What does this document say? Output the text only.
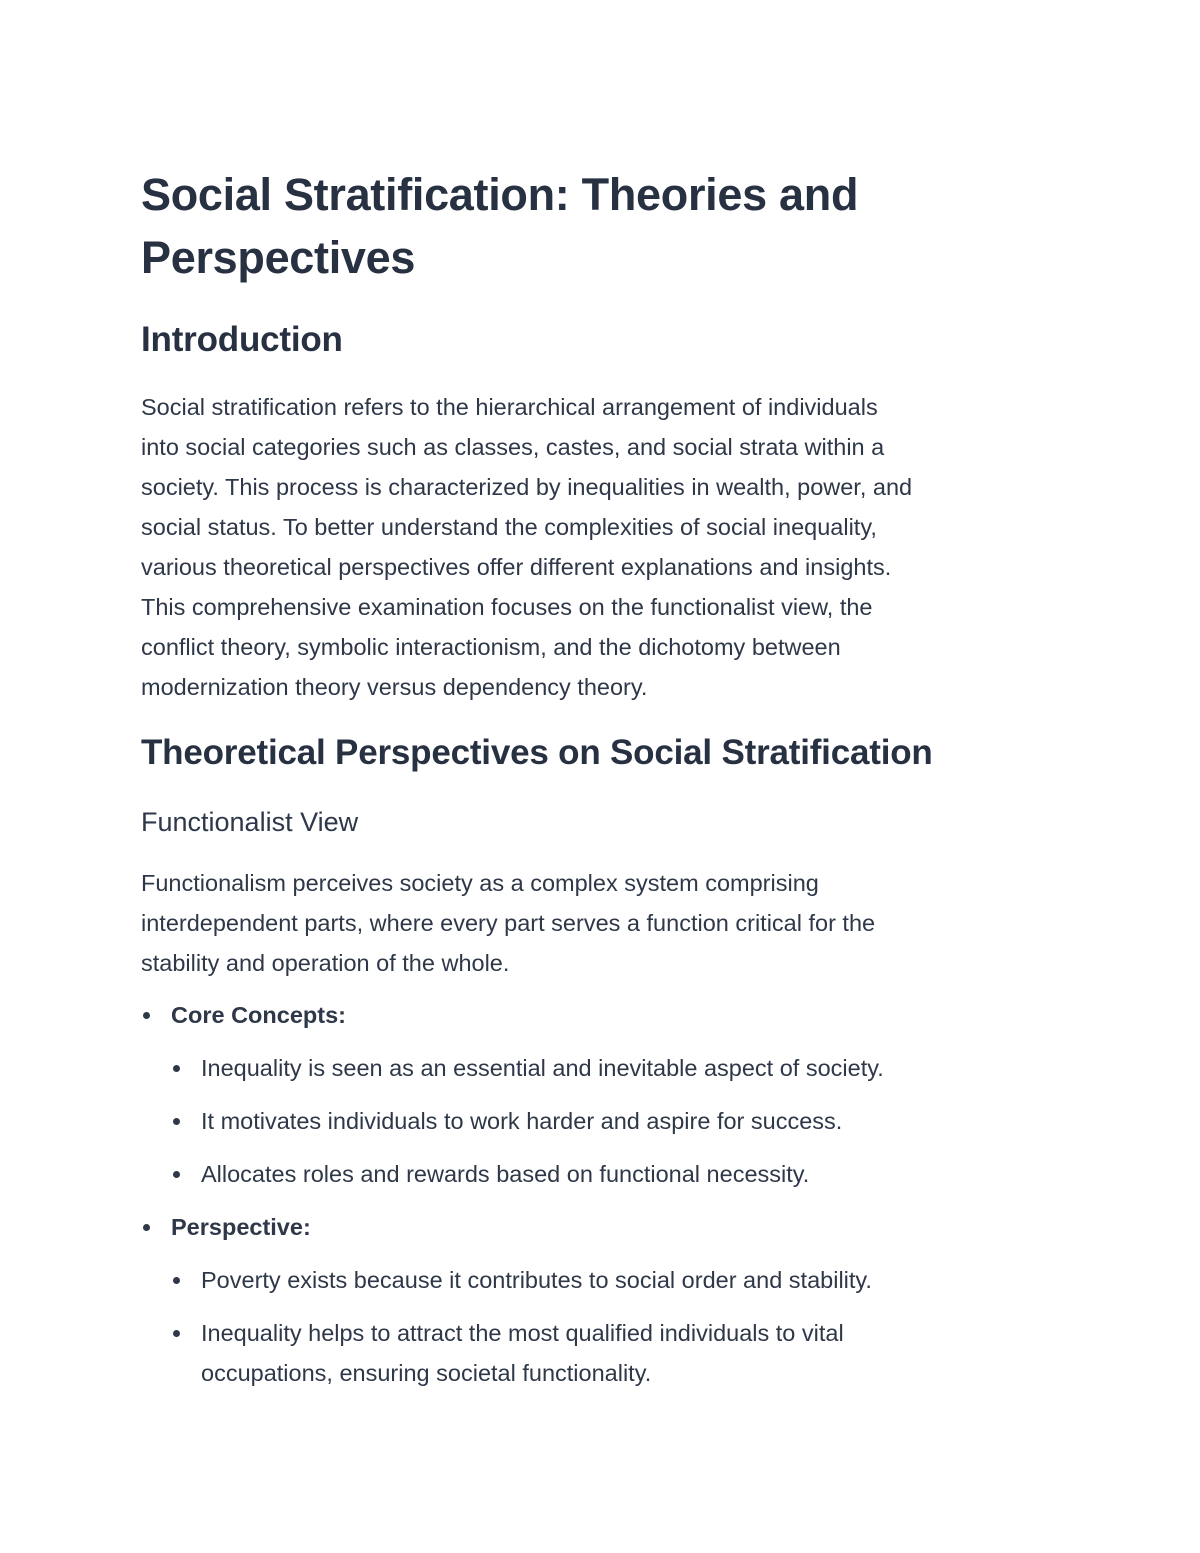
Social Stratification: Theories and
Perspectives
Introduction

Social stratification refers to the hierarchical arrangement of individuals
into social categories such as classes, castes, and social strata within a
society. This process is characterized by inequalities in wealth, power, and
social status. To better understand the complexities of social inequality,
various theoretical perspectives offer different explanations and insights.
This comprehensive examination focuses on the functionalist view, the
conflict theory, symbolic interactionism, and the dichotomy between
modernization theory versus dependency theory.

Theoretical Perspectives on Social Stratification
Functionalist View

Functionalism perceives society as a complex system comprising
interdependent parts, where every part serves a function critical for the
stability and operation of the whole.

Core Concepts:
Inequality is seen as an essential and inevitable aspect of society.
It motivates individuals to work harder and aspire for success.
Allocates roles and rewards based on functional necessity.
Perspective:
Poverty exists because it contributes to social order and stability.
Inequality helps to attract the most qualified individuals to vital
occupations, ensuring societal functionality.
